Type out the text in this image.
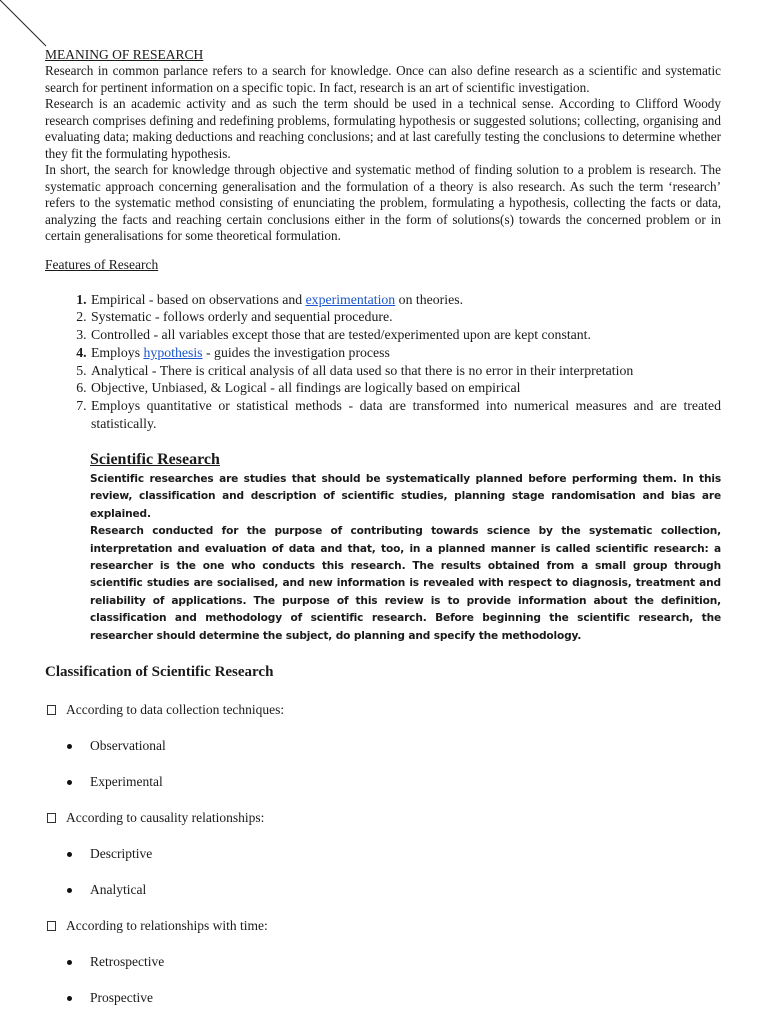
MEANING OF RESEARCH

Research in common parlance refers to a search for knowledge. Once can also define research as a scientific and systematic search for pertinent information on a specific topic. In fact, research is an art of scientific investigation.

Research is an academic activity and as such the term should be used in a technical sense. According to Clifford Woody research comprises defining and redefining problems, formulating hypothesis or suggested solutions; collecting, organising and evaluating data; making deductions and reaching conclusions; and at last carefully testing the conclusions to determine whether they fit the formulating hypothesis.

In short, the search for knowledge through objective and systematic method of finding solution to a problem is research. The systematic approach concerning generalisation and the formulation of a theory is also research. As such the term ‘research’ refers to the systematic method consisting of enunciating the problem, formulating a hypothesis, collecting the facts or data, analyzing the facts and reaching certain conclusions either in the form of solutions(s) towards the concerned problem or in certain generalisations for some theoretical formulation.

Features of Research
1. Empirical - based on observations and experimentation on theories.
2. Systematic - follows orderly and sequential procedure.
3. Controlled - all variables except those that are tested/experimented upon are kept constant.
4. Employs hypothesis - guides the investigation process
5. Analytical - There is critical analysis of all data used so that there is no error in their interpretation
6. Objective, Unbiased, & Logical - all findings are logically based on empirical
7. Employs quantitative or statistical methods - data are transformed into numerical measures and are treated statistically.
Scientific Research

Scientific researches are studies that should be systematically planned before performing them. In this review, classification and description of scientific studies, planning stage randomisation and bias are explained.

Research conducted for the purpose of contributing towards science by the systematic collection, interpretation and evaluation of data and that, too, in a planned manner is called scientific research: a researcher is the one who conducts this research. The results obtained from a small group through scientific studies are socialised, and new information is revealed with respect to diagnosis, treatment and reliability of applications. The purpose of this review is to provide information about the definition, classification and methodology of scientific research. Before beginning the scientific research, the researcher should determine the subject, do planning and specify the methodology.

Classification of Scientific Research
According to data collection techniques:
Observational
Experimental
According to causality relationships:
Descriptive
Analytical
According to relationships with time:
Retrospective
Prospective
